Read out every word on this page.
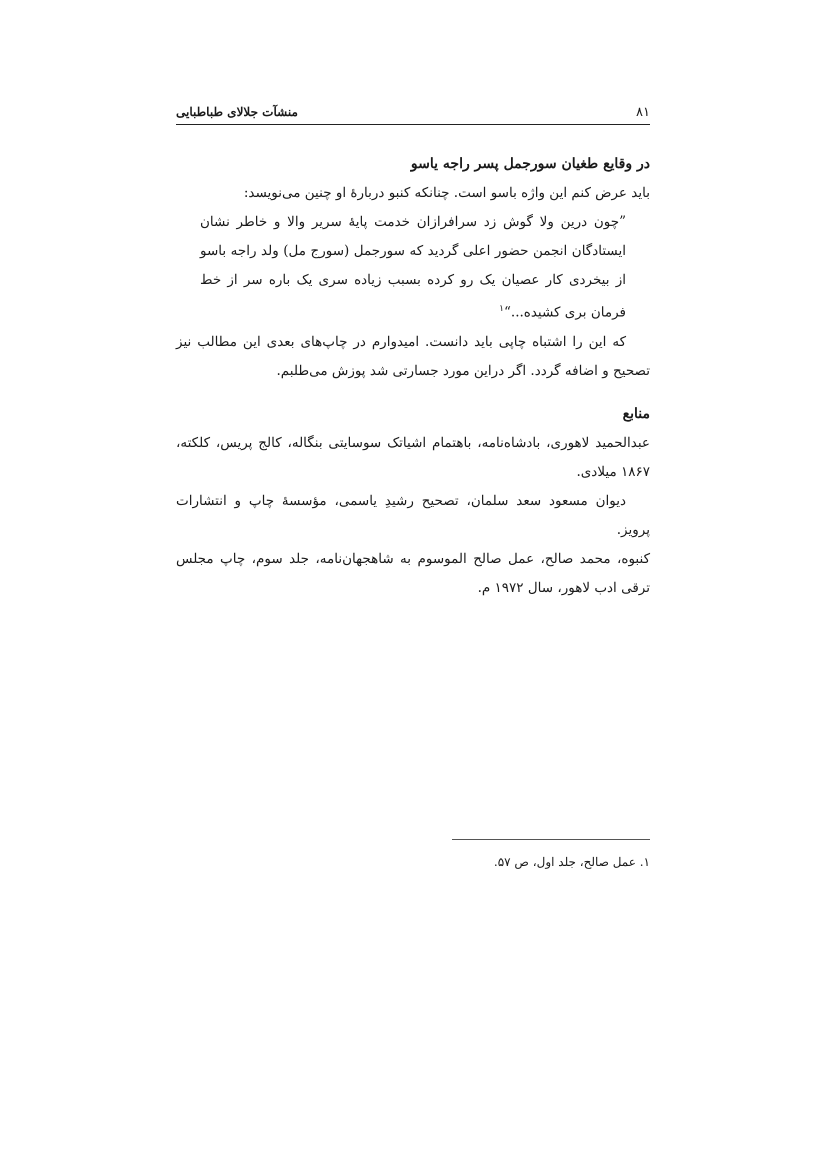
۸۱
منشآت جلالای طباطبایی

در وقایع طغیان سورجمل پسر راجه یاسو

باید عرض کنم این واژه باسو است. چنانکه کنبو دربارهٔ او چنین می‌نویسد:

”چون درین ولا گوش زد سرافرازان خدمت پایهٔ سریر والا و خاطر نشان ایستادگان انجمن حضور اعلی گردید که سورجمل (سورج مل) ولد راجه باسو از بیخردی کار عصیان یک رو کرده بسبب زیاده سری یک باره سر از خط فرمان بری کشیده...“$^۱$

که این را اشتباه چاپی باید دانست. امیدوارم در چاپ‌های بعدی این مطالب نیز تصحیح و اضافه گردد. اگر دراین مورد جسارتی شد پوزش می‌طلبم.

منابع

عبدالحمید لاهوری، بادشاه‌نامه، باهتمام اشیاتک سوسایتی بنگاله، کالج پریس، کلکته، ۱۸۶۷ میلادی.

دیوان مسعود سعد سلمان، تصحیح رشیدِ یاسمی، مؤسسهٔ چاپ و انتشارات پرویز.

کنبوه، محمد صالح، عمل صالح الموسوم به شاهجهان‌نامه، جلد سوم، چاپ مجلس ترقی ادب لاهور، سال ۱۹۷۲ م.

۱. عمل صالح، جلد اول، ص ۵۷.
